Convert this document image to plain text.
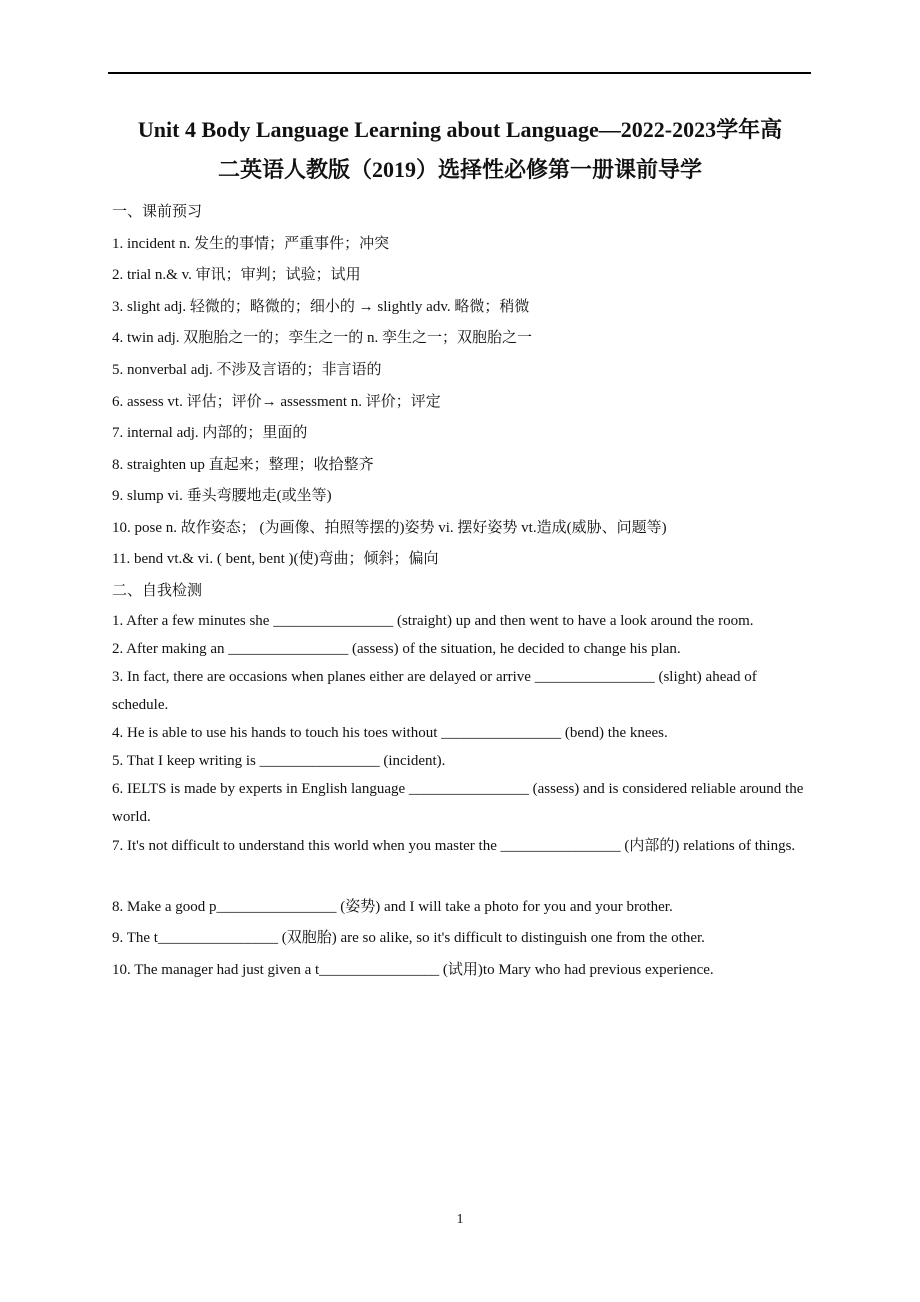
Unit 4 Body Language Learning about Language—2022-2023学年高
二英语人教版（2019）选择性必修第一册课前导学
一、课前预习
1. incident n. 发生的事情；严重事件；冲突
2. trial n.& v. 审讯；审判；试验；试用
3. slight adj. 轻微的；略微的；细小的 → slightly adv. 略微；稍微
4. twin adj. 双胞胎之一的；孪生之一的 n. 孪生之一；双胞胎之一
5. nonverbal adj. 不涉及言语的；非言语的
6. assess vt. 评估；评价→ assessment n. 评价；评定
7. internal adj. 内部的；里面的
8. straighten up 直起来；整理；收拾整齐
9. slump vi. 垂头弯腰地走(或坐等)
10. pose n. 故作姿态； (为画像、拍照等摆的)姿势 vi. 摆好姿势 vt.造成(威胁、问题等)
11. bend vt.& vi. ( bent, bent )(使)弯曲；倾斜；偏向
二、自我检测
1. After a few minutes she ________________ (straight) up and then went to have a look around the room.
2. After making an ________________ (assess) of the situation, he decided to change his plan.
3. In fact, there are occasions when planes either are delayed or arrive ________________ (slight) ahead of schedule.
4. He is able to use his hands to touch his toes without ________________ (bend) the knees.
5. That I keep writing is ________________ (incident).
6. IELTS is made by experts in English language ________________ (assess) and is considered reliable around the world.
7. It's not difficult to understand this world when you master the ________________ (内部的) relations of things.
8. Make a good p________________ (姿势) and I will take a photo for you and your brother.
9. The t________________ (双胞胎) are so alike, so it's difficult to distinguish one from the other.
10. The manager had just given a t________________ (试用)to Mary who had previous experience.
1
